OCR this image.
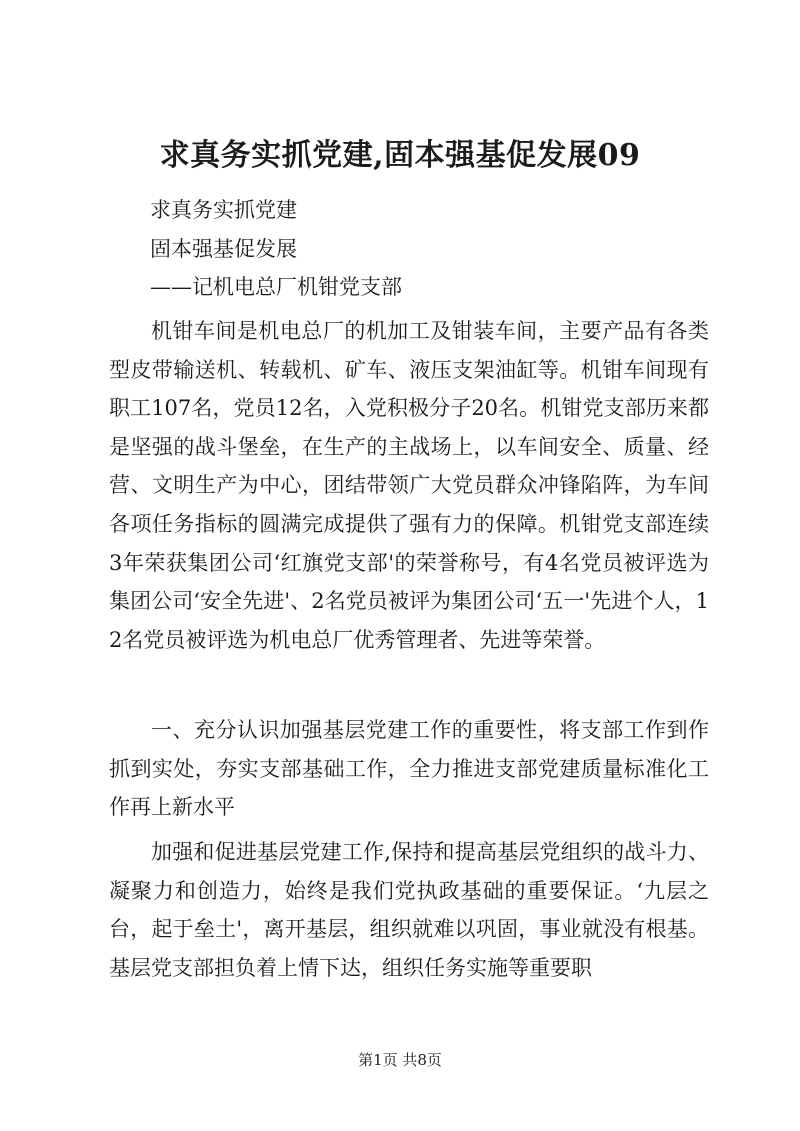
求真务实抓党建,固本强基促发展09
求真务实抓党建
固本强基促发展
——记机电总厂机钳党支部

机钳车间是机电总厂的机加工及钳装车间，主要产品有各类型皮带输送机、转载机、矿车、液压支架油缸等。机钳车间现有职工107名，党员12名，入党积极分子20名。机钳党支部历来都是坚强的战斗堡垒，在生产的主战场上，以车间安全、质量、经营、文明生产为中心，团结带领广大党员群众冲锋陷阵，为车间各项任务指标的圆满完成提供了强有力的保障。机钳党支部连续3年荣获集团公司‘红旗党支部'的荣誉称号，有4名党员被评选为集团公司‘安全先进'、2名党员被评为集团公司‘五一'先进个人，12名党员被评选为机电总厂优秀管理者、先进等荣誉。

一、充分认识加强基层党建工作的重要性，将支部工作到作抓到实处，夯实支部基础工作，全力推进支部党建质量标准化工作再上新水平

加强和促进基层党建工作,保持和提高基层党组织的战斗力、凝聚力和创造力，始终是我们党执政基础的重要保证。‘九层之台，起于垒土'，离开基层，组织就难以巩固，事业就没有根基。基层党支部担负着上情下达，组织任务实施等重要职

第1页 共8页
